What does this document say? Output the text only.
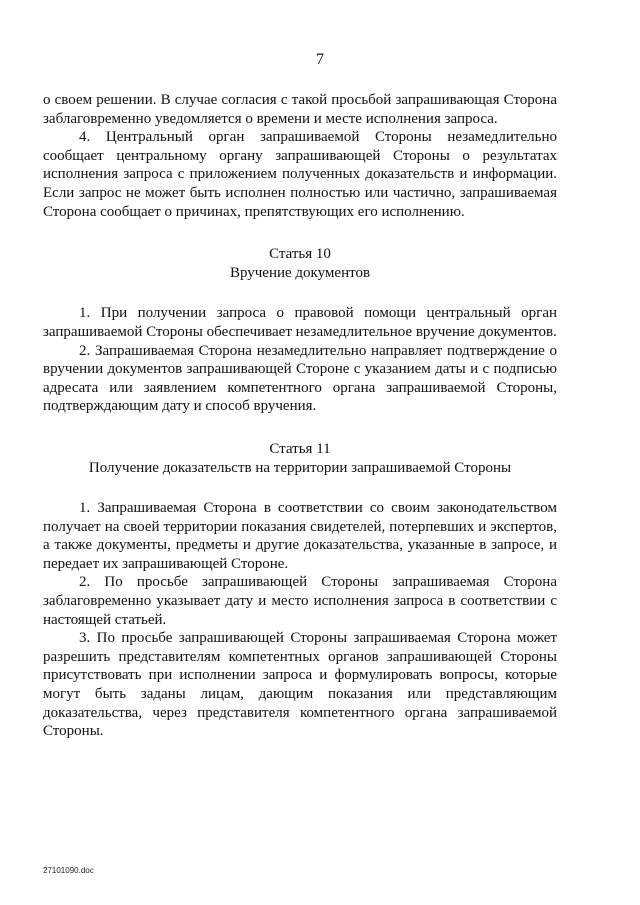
7

о своем решении. В случае согласия с такой просьбой запрашивающая Сторона заблаговременно уведомляется о времени и месте исполнения запроса.

4. Центральный орган запрашиваемой Стороны незамедлительно сообщает центральному органу запрашивающей Стороны о результатах исполнения запроса с приложением полученных доказательств и информации. Если запрос не может быть исполнен полностью или частично, запрашиваемая Сторона сообщает о причинах, препятствующих его исполнению.

Статья 10
Вручение документов

1. При получении запроса о правовой помощи центральный орган запрашиваемой Стороны обеспечивает незамедлительное вручение документов.

2. Запрашиваемая Сторона незамедлительно направляет подтверждение о вручении документов запрашивающей Стороне с указанием даты и с подписью адресата или заявлением компетентного органа запрашиваемой Стороны, подтверждающим дату и способ вручения.

Статья 11
Получение доказательств на территории запрашиваемой Стороны

1. Запрашиваемая Сторона в соответствии со своим законодательством получает на своей территории показания свидетелей, потерпевших и экспертов, а также документы, предметы и другие доказательства, указанные в запросе, и передает их запрашивающей Стороне.

2. По просьбе запрашивающей Стороны запрашиваемая Сторона заблаговременно указывает дату и место исполнения запроса в соответствии с настоящей статьей.

3. По просьбе запрашивающей Стороны запрашиваемая Сторона может разрешить представителям компетентных органов запрашивающей Стороны присутствовать при исполнении запроса и формулировать вопросы, которые могут быть заданы лицам, дающим показания или представляющим доказательства, через представителя компетентного органа запрашиваемой Стороны.

27101090.doc
